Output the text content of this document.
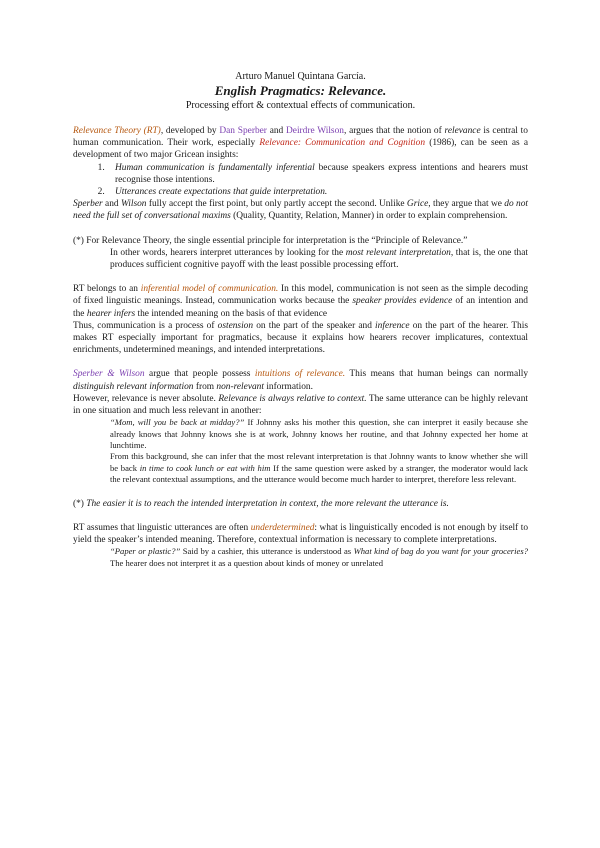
Arturo Manuel Quintana García.
English Pragmatics: Relevance.
Processing effort & contextual effects of communication.

Relevance Theory (RT), developed by Dan Sperber and Deirdre Wilson, argues that the notion of relevance is central to human communication. Their work, especially Relevance: Communication and Cognition (1986), can be seen as a development of two major Gricean insights:

1. Human communication is fundamentally inferential because speakers express intentions and hearers must recognise those intentions.
2. Utterances create expectations that guide interpretation.

Sperber and Wilson fully accept the first point, but only partly accept the second. Unlike Grice, they argue that we do not need the full set of conversational maxims (Quality, Quantity, Relation, Manner) in order to explain comprehension.

(*) For Relevance Theory, the single essential principle for interpretation is the “Principle of Relevance.”

In other words, hearers interpret utterances by looking for the most relevant interpretation, that is, the one that produces sufficient cognitive payoff with the least possible processing effort.

RT belongs to an inferential model of communication. In this model, communication is not seen as the simple decoding of fixed linguistic meanings. Instead, communication works because the speaker provides evidence of an intention and the hearer infers the intended meaning on the basis of that evidence

Thus, communication is a process of ostension on the part of the speaker and inference on the part of the hearer. This makes RT especially important for pragmatics, because it explains how hearers recover implicatures, contextual enrichments, undetermined meanings, and intended interpretations.

Sperber & Wilson argue that people possess intuitions of relevance. This means that human beings can normally distinguish relevant information from non-relevant information.

However, relevance is never absolute. Relevance is always relative to context. The same utterance can be highly relevant in one situation and much less relevant in another:

“Mom, will you be back at midday?” If Johnny asks his mother this question, she can interpret it easily because she already knows that Johnny knows she is at work, Johnny knows her routine, and that Johnny expected her home at lunchtime.

From this background, she can infer that the most relevant interpretation is that Johnny wants to know whether she will be back in time to cook lunch or eat with him If the same question were asked by a stranger, the moderator would lack the relevant contextual assumptions, and the utterance would become much harder to interpret, therefore less relevant.

(*) The easier it is to reach the intended interpretation in context, the more relevant the utterance is.

RT assumes that linguistic utterances are often underdetermined: what is linguistically encoded is not enough by itself to yield the speaker’s intended meaning. Therefore, contextual information is necessary to complete interpretations.

“Paper or plastic?” Said by a cashier, this utterance is understood as What kind of bag do you want for your groceries? The hearer does not interpret it as a question about kinds of money or unrelated
